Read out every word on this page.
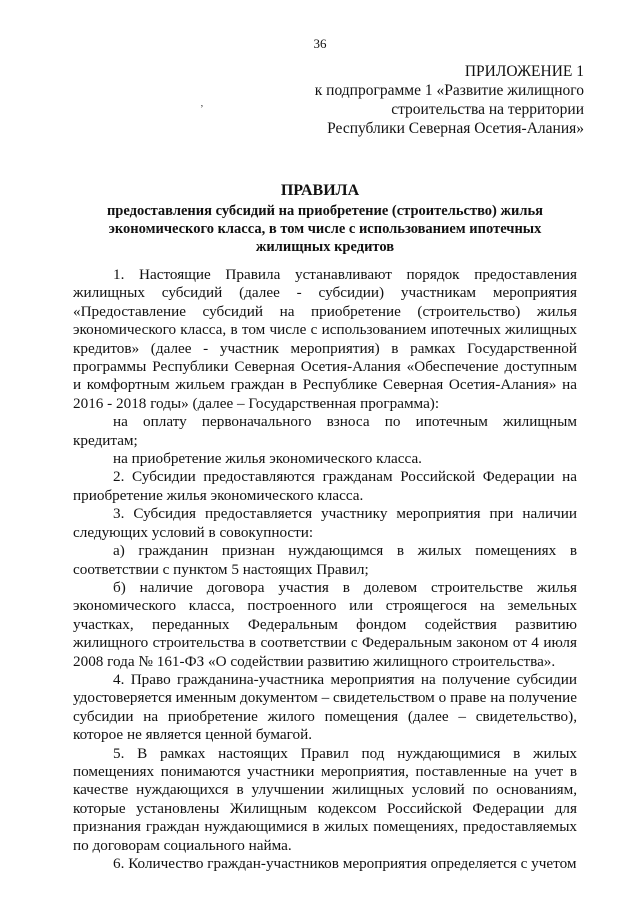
36
ПРИЛОЖЕНИЕ 1
к подпрограмме 1 «Развитие жилищного
строительства на территории
Республики Северная Осетия-Алания»
’
ПРАВИЛА
предоставления субсидий на приобретение (строительство) жилья экономического класса, в том числе с использованием ипотечных жилищных кредитов

1. Настоящие Правила устанавливают порядок предоставления жилищных субсидий (далее - субсидии) участникам мероприятия «Предоставление субсидий на приобретение (строительство) жилья экономического класса, в том числе с использованием ипотечных жилищных кредитов» (далее - участник мероприятия) в рамках Государственной программы Республики Северная Осетия-Алания «Обеспечение доступным и комфортным жильем граждан в Республике Северная Осетия-Алания» на 2016 - 2018 годы» (далее – Государственная программа):

на оплату первоначального взноса по ипотечным жилищным кредитам;

на приобретение жилья экономического класса.

2. Субсидии предоставляются гражданам Российской Федерации на приобретение жилья экономического класса.

3. Субсидия предоставляется участнику мероприятия при наличии следующих условий в совокупности:

а) гражданин признан нуждающимся в жилых помещениях в соответствии с пунктом 5 настоящих Правил;

б) наличие договора участия в долевом строительстве жилья экономического класса, построенного или строящегося на земельных участках, переданных Федеральным фондом содействия развитию жилищного строительства в соответствии с Федеральным законом от 4 июля 2008 года № 161-ФЗ «О содействии развитию жилищного строительства».

4. Право гражданина-участника мероприятия на получение субсидии удостоверяется именным документом – свидетельством о праве на получение субсидии на приобретение жилого помещения (далее – свидетельство), которое не является ценной бумагой.

5. В рамках настоящих Правил под нуждающимися в жилых помещениях понимаются участники мероприятия, поставленные на учет в качестве нуждающихся в улучшении жилищных условий по основаниям, которые установлены Жилищным кодексом Российской Федерации для признания граждан нуждающимися в жилых помещениях, предоставляемых по договорам социального найма.

6. Количество граждан-участников мероприятия определяется с учетом
